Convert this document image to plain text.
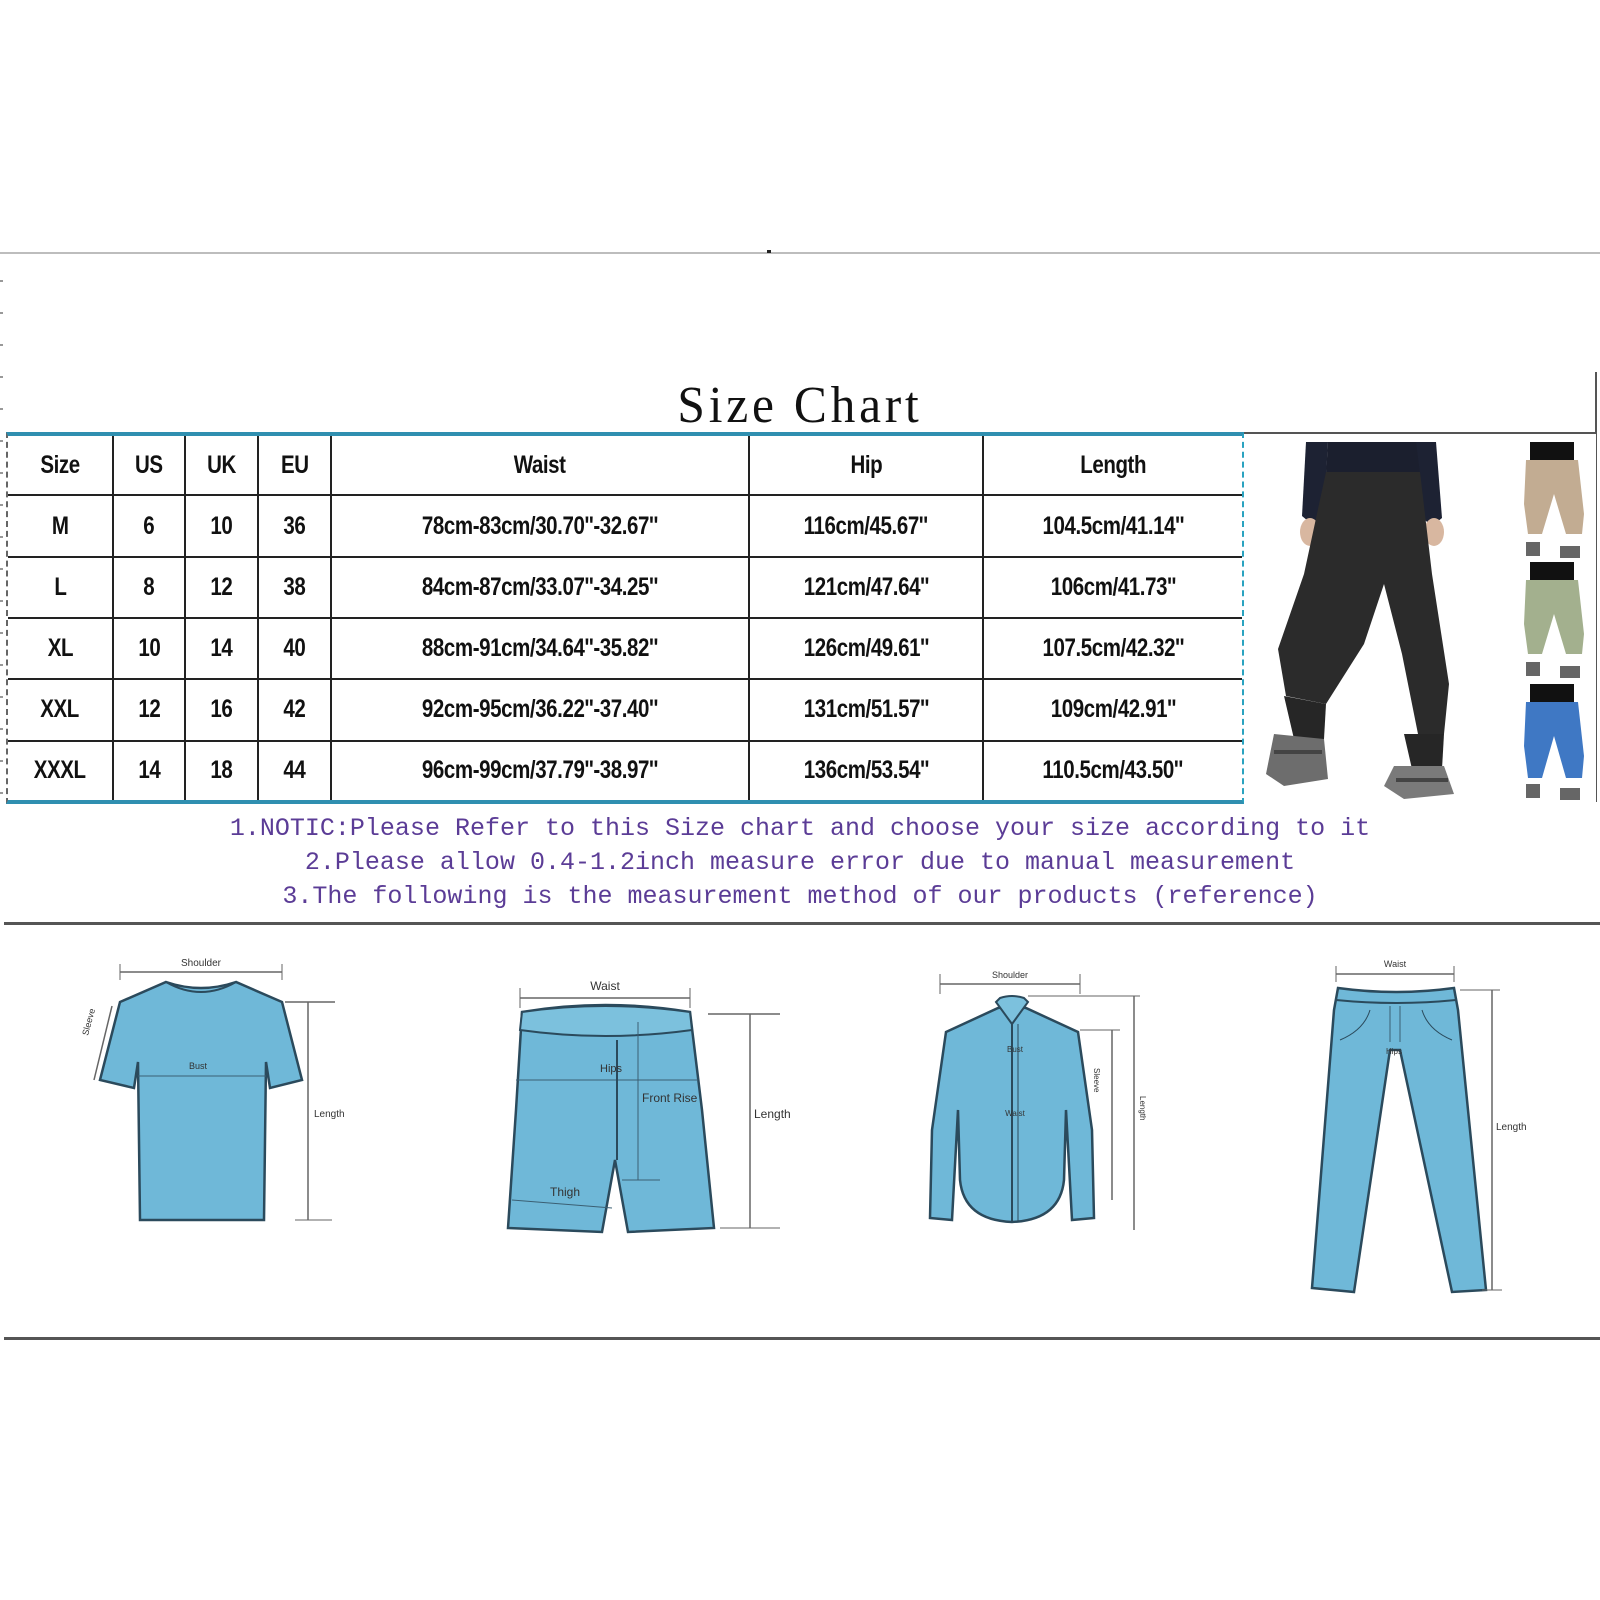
Size Chart
Size	US	UK	EU	Waist	Hip	Length
M	6	10	36	78cm-83cm/30.70''-32.67''	116cm/45.67''	104.5cm/41.14''
L	8	12	38	84cm-87cm/33.07''-34.25''	121cm/47.64''	106cm/41.73''
XL	10	14	40	88cm-91cm/34.64''-35.82''	126cm/49.61''	107.5cm/42.32''
XXL	12	16	42	92cm-95cm/36.22''-37.40''	131cm/51.57''	109cm/42.91''
XXXL	14	18	44	96cm-99cm/37.79''-38.97''	136cm/53.54''	110.5cm/43.50''
1.NOTIC:Please Refer to this Size chart and choose your size according to it
2.Please allow 0.4-1.2inch measure error due to manual measurement
3.The following is the measurement method of our products (reference)
Shoulder
Bust
Sleeve
Length
Waist
Hips
Front Rise
Thigh
Length
Shoulder
Bust
Waist
Sleeve
Length
Waist
Hips
Length
